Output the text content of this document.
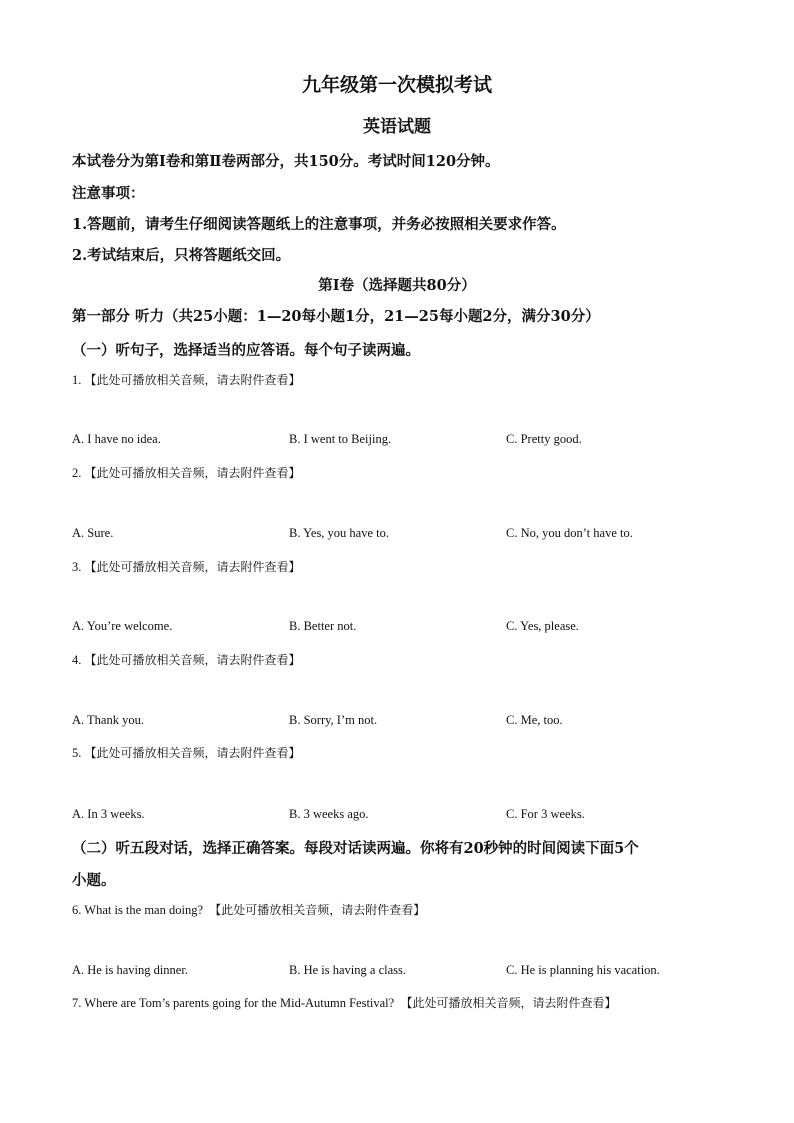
九年级第一次模拟考试
英语试题
本试卷分为第Ⅰ卷和第Ⅱ卷两部分，共150分。考试时间120分钟。
注意事项：
1.答题前，请考生仔细阅读答题纸上的注意事项，并务必按照相关要求作答。
2.考试结束后，只将答题纸交回。
第Ⅰ卷（选择题共80分）
第一部分 听力（共25小题：1—20每小题1分，21—25每小题2分，满分30分）
（一）听句子，选择适当的应答语。每个句子读两遍。
1. 【此处可播放相关音频，请去附件查看】
A. I have no idea.	B. I went to Beijing.	C. Pretty good.
2. 【此处可播放相关音频，请去附件查看】
A. Sure.	B. Yes, you have to.	C. No, you don’t have to.
3. 【此处可播放相关音频，请去附件查看】
A. You’re welcome.	B. Better not.	C. Yes, please.
4. 【此处可播放相关音频，请去附件查看】
A. Thank you.	B. Sorry, I’m not.	C. Me, too.
5. 【此处可播放相关音频，请去附件查看】
A. In 3 weeks.	B. 3 weeks ago.	C. For 3 weeks.
（二）听五段对话，选择正确答案。每段对话读两遍。你将有20秒钟的时间阅读下面5个
小题。
6. What is the man doing? 【此处可播放相关音频，请去附件查看】
A. He is having dinner.	B. He is having a class.	C. He is planning his vacation.
7. Where are Tom’s parents going for the Mid-Autumn Festival? 【此处可播放相关音频，请去附件查看】
